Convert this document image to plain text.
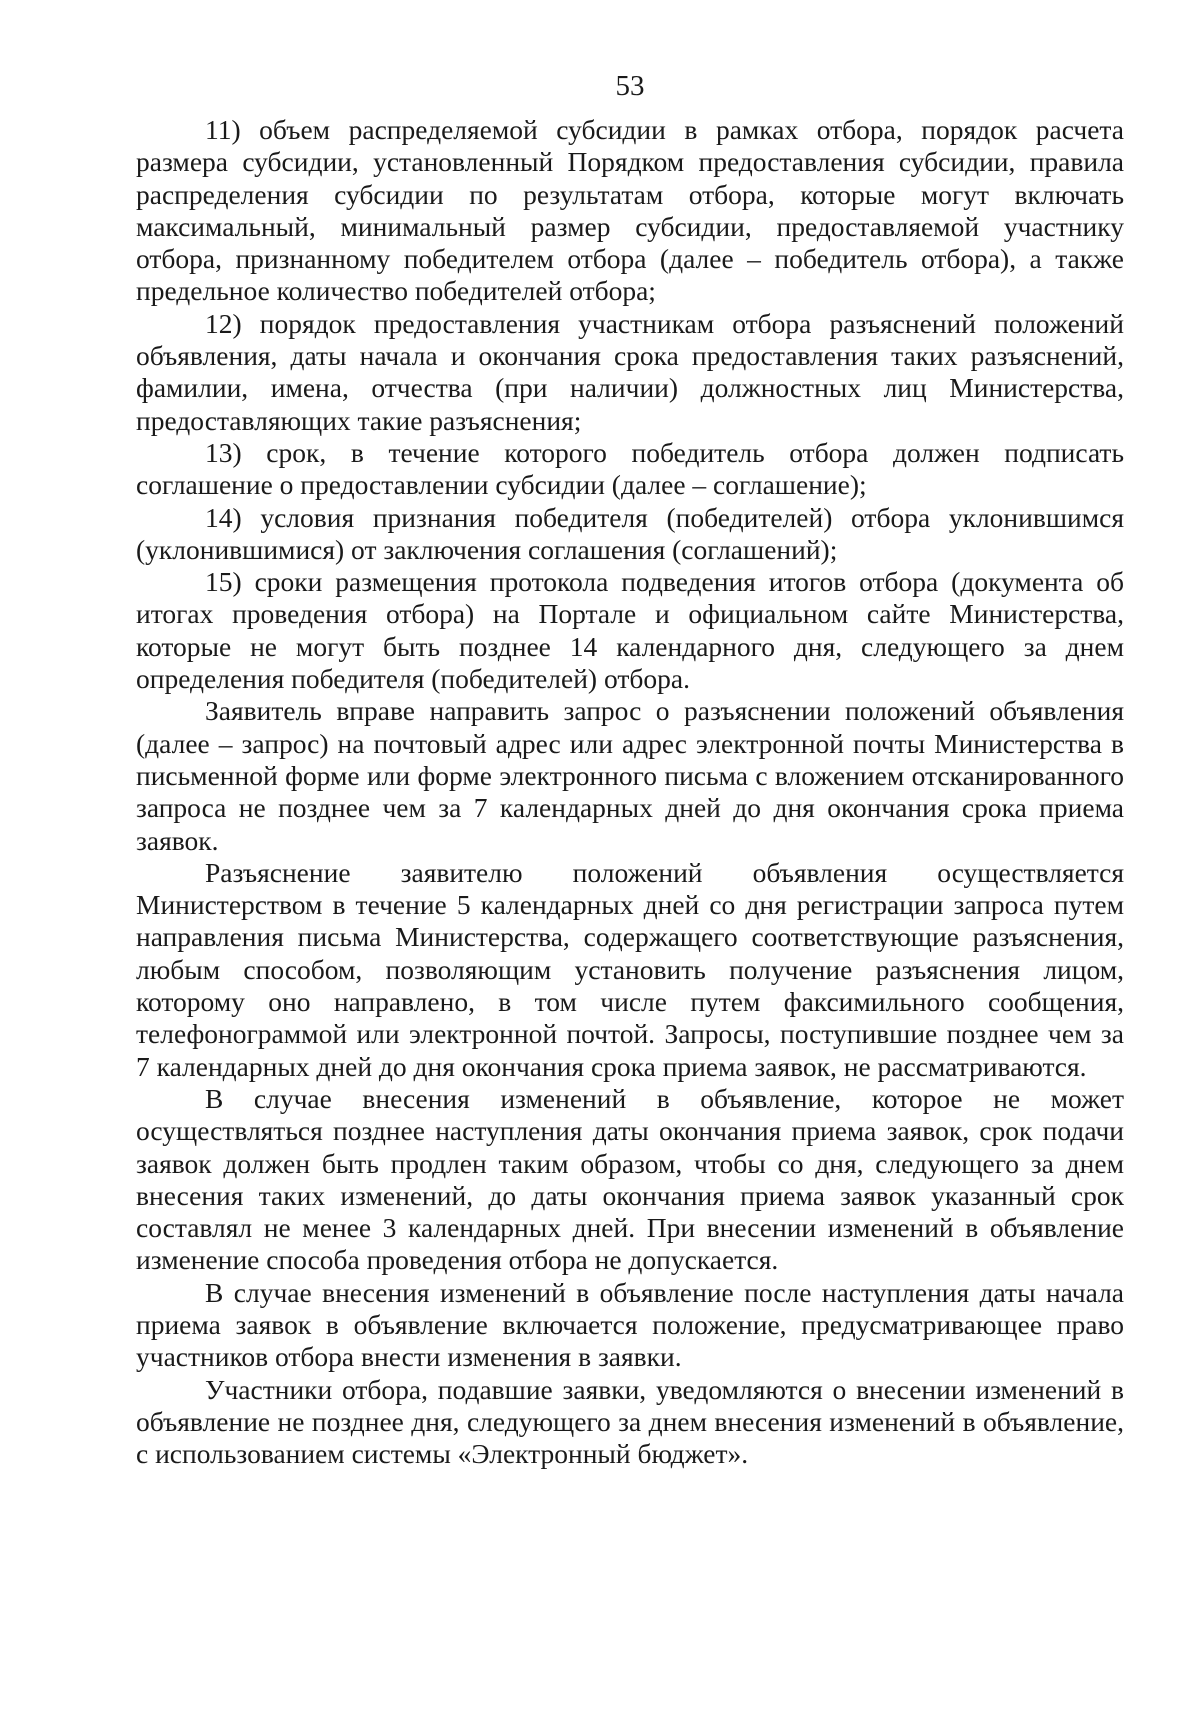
53

11) объем распределяемой субсидии в рамках отбора, порядок расчета размера субсидии, установленный Порядком предоставления субсидии, правила распределения субсидии по результатам отбора, которые могут включать максимальный, минимальный размер субсидии, предоставляемой участнику отбора, признанному победителем отбора (далее – победитель отбора), а также предельное количество победителей отбора;

12) порядок предоставления участникам отбора разъяснений положений объявления, даты начала и окончания срока предоставления таких разъяснений, фамилии, имена, отчества (при наличии) должностных лиц Министерства, предоставляющих такие разъяснения;

13) срок, в течение которого победитель отбора должен подписать соглашение о предоставлении субсидии (далее – соглашение);

14) условия признания победителя (победителей) отбора уклонившимся (уклонившимися) от заключения соглашения (соглашений);

15) сроки размещения протокола подведения итогов отбора (документа об итогах проведения отбора) на Портале и официальном сайте Министерства, которые не могут быть позднее 14 календарного дня, следующего за днем определения победителя (победителей) отбора.

Заявитель вправе направить запрос о разъяснении положений объявления (далее – запрос) на почтовый адрес или адрес электронной почты Министерства в письменной форме или форме электронного письма с вложением отсканированного запроса не позднее чем за 7 календарных дней до дня окончания срока приема заявок.

Разъяснение заявителю положений объявления осуществляется Министерством в течение 5 календарных дней со дня регистрации запроса путем направления письма Министерства, содержащего соответствующие разъяснения, любым способом, позволяющим установить получение разъяснения лицом, которому оно направлено, в том числе путем факсимильного сообщения, телефонограммой или электронной почтой. Запросы, поступившие позднее чем за 7 календарных дней до дня окончания срока приема заявок, не рассматриваются.

В случае внесения изменений в объявление, которое не может осуществляться позднее наступления даты окончания приема заявок, срок подачи заявок должен быть продлен таким образом, чтобы со дня, следующего за днем внесения таких изменений, до даты окончания приема заявок указанный срок составлял не менее 3 календарных дней. При внесении изменений в объявление изменение способа проведения отбора не допускается.

В случае внесения изменений в объявление после наступления даты начала приема заявок в объявление включается положение, предусматривающее право участников отбора внести изменения в заявки.

Участники отбора, подавшие заявки, уведомляются о внесении изменений в объявление не позднее дня, следующего за днем внесения изменений в объявление, с использованием системы «Электронный бюджет».
